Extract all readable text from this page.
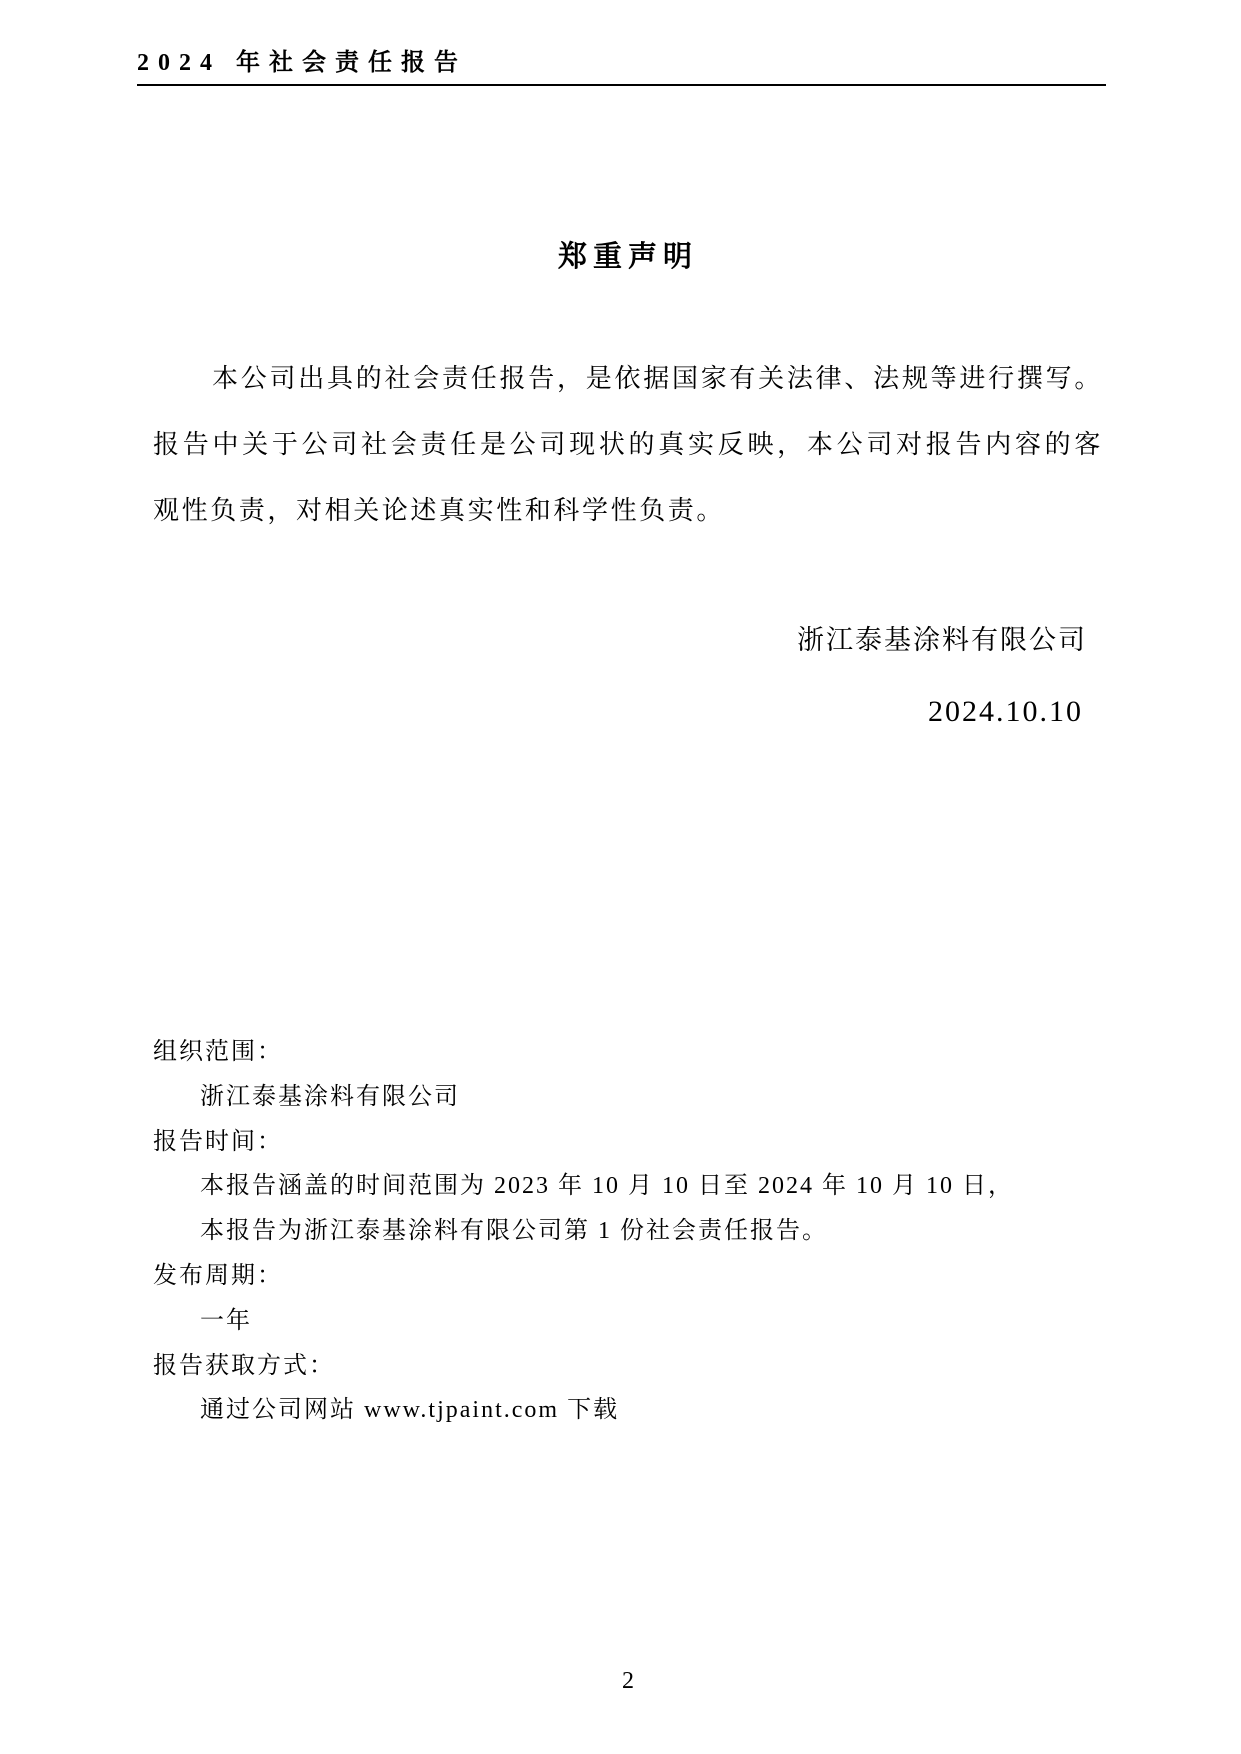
2024 年社会责任报告
郑重声明
本公司出具的社会责任报告，是依据国家有关法律、法规等进行撰写。
报告中关于公司社会责任是公司现状的真实反映，本公司对报告内容的客
观性负责，对相关论述真实性和科学性负责。
浙江泰基涂料有限公司
2024.10.10
组织范围：
浙江泰基涂料有限公司
报告时间：
本报告涵盖的时间范围为 2023 年 10 月 10 日至 2024 年 10 月 10 日，
本报告为浙江泰基涂料有限公司第 1 份社会责任报告。
发布周期：
一年
报告获取方式：
通过公司网站 www.tjpaint.com 下载
2
